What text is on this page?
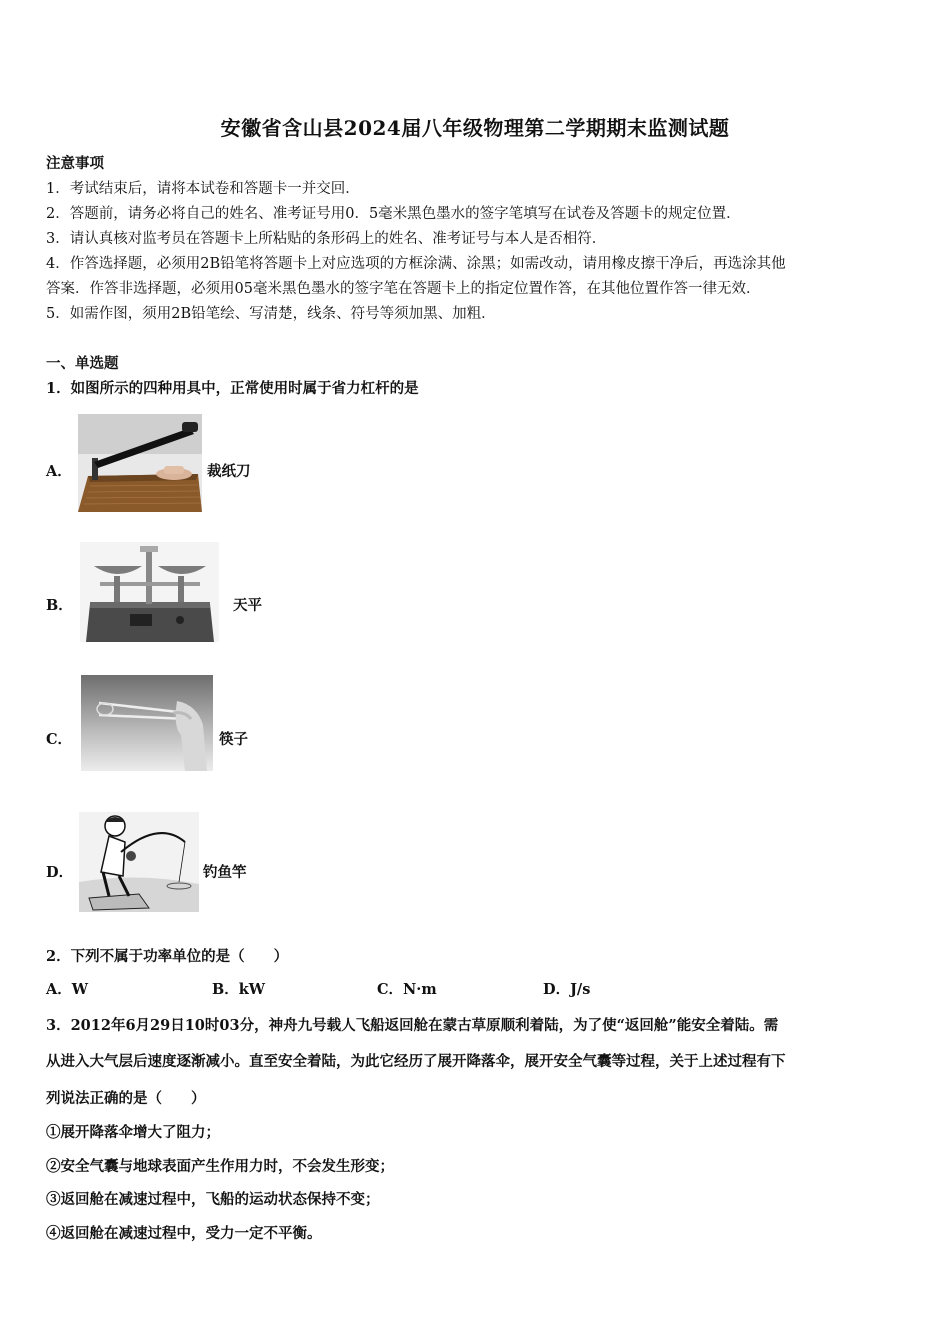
安徽省含山县2024届八年级物理第二学期期末监测试题
注意事项
1．考试结束后，请将本试卷和答题卡一并交回．
2．答题前，请务必将自己的姓名、准考证号用0．5毫米黑色墨水的签字笔填写在试卷及答题卡的规定位置．
3．请认真核对监考员在答题卡上所粘贴的条形码上的姓名、准考证号与本人是否相符．
4．作答选择题，必须用2B铅笔将答题卡上对应选项的方框涂满、涂黑；如需改动，请用橡皮擦干净后，再选涂其他
答案．作答非选择题，必须用05毫米黑色墨水的签字笔在答题卡上的指定位置作答，在其他位置作答一律无效．
5．如需作图，须用2B铅笔绘、写清楚，线条、符号等须加黑、加粗．
一、单选题
1．如图所示的四种用具中，正常使用时属于省力杠杆的是
A．	裁纸刀
B．	天平
C．	筷子
D．	钓鱼竿
2．下列不属于功率单位的是（　　）
A．W	B．kW	C．N·m	D．J/s
3．2012年6月29日10时03分，神舟九号载人飞船返回舱在蒙古草原顺利着陆，为了使“返回舱”能安全着陆。需
从进入大气层后速度逐渐减小。直至安全着陆，为此它经历了展开降落伞，展开安全气囊等过程，关于上述过程有下
列说法正确的是（　　）
①展开降落伞增大了阻力；
②安全气囊与地球表面产生作用力时，不会发生形变；
③返回舱在减速过程中，飞船的运动状态保持不变；
④返回舱在减速过程中，受力一定不平衡。
